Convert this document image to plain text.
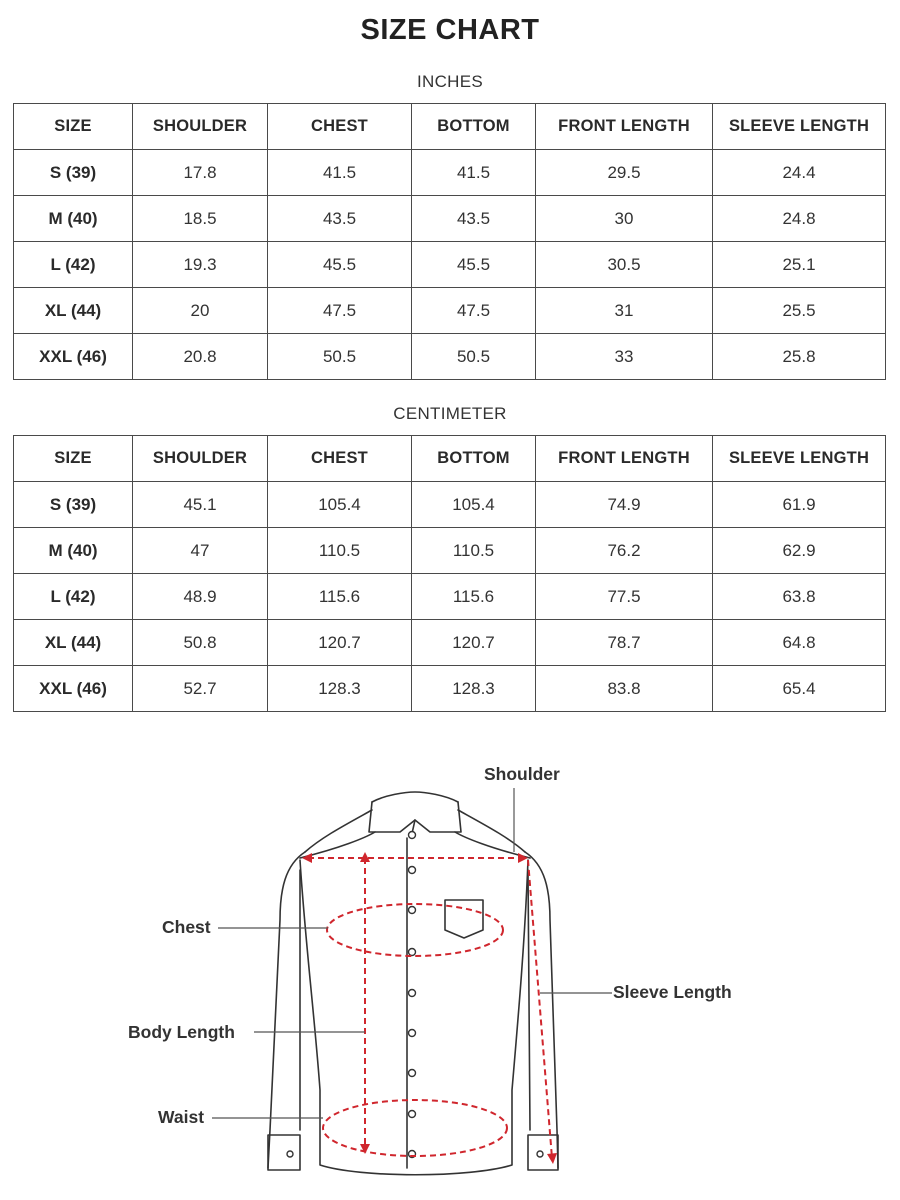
SIZE CHART
INCHES
SIZE	SHOULDER	CHEST	BOTTOM	FRONT LENGTH	SLEEVE LENGTH
S (39)	17.8	41.5	41.5	29.5	24.4
M (40)	18.5	43.5	43.5	30	24.8
L (42)	19.3	45.5	45.5	30.5	25.1
XL (44)	20	47.5	47.5	31	25.5
XXL (46)	20.8	50.5	50.5	33	25.8
CENTIMETER
SIZE	SHOULDER	CHEST	BOTTOM	FRONT LENGTH	SLEEVE LENGTH
S (39)	45.1	105.4	105.4	74.9	61.9
M (40)	47	110.5	110.5	76.2	62.9
L (42)	48.9	115.6	115.6	77.5	63.8
XL (44)	50.8	120.7	120.7	78.7	64.8
XXL (46)	52.7	128.3	128.3	83.8	65.4
Shoulder
Chest
Body Length
Waist
Sleeve Length
